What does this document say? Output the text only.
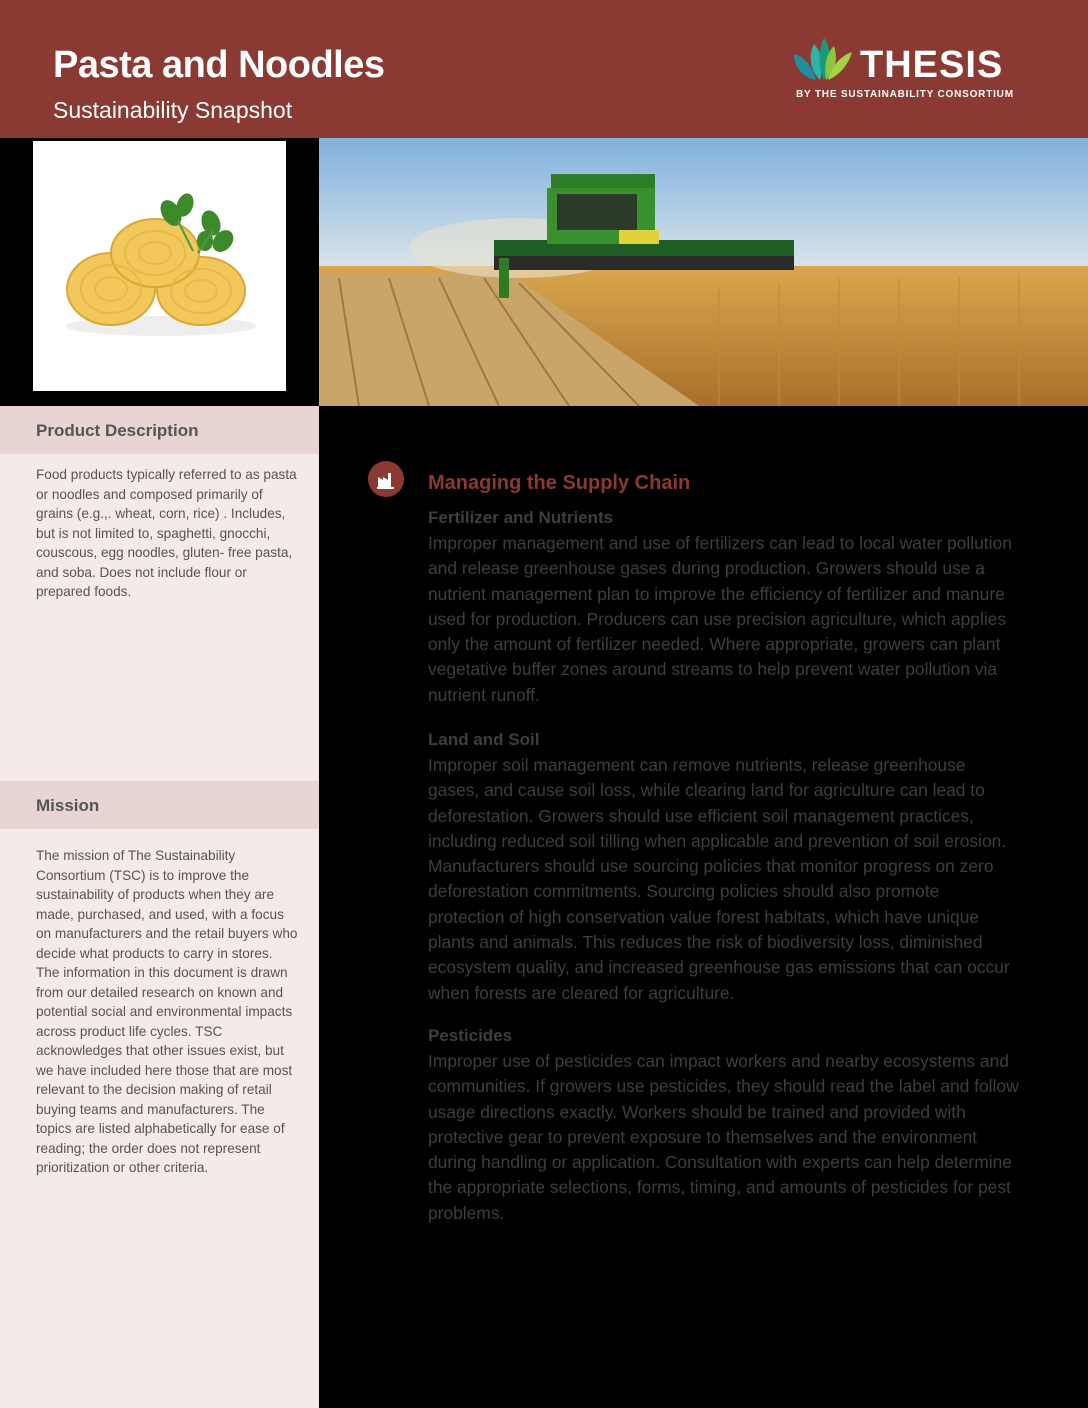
Pasta and Noodles
Sustainability Snapshot
THESIS
BY THE SUSTAINABILITY CONSORTIUM
Product Description
Food products typically referred to as pasta or noodles and composed primarily of grains (e.g.,. wheat, corn, rice) . Includes, but is not limited to, spaghetti, gnocchi, couscous, egg noodles, gluten- free pasta, and soba. Does not include flour or prepared foods.
Mission
The mission of The Sustainability Consortium (TSC) is to improve the sustainability of products when they are made, purchased, and used, with a focus on manufacturers and the retail buyers who decide what products to carry in stores. The information in this document is drawn from our detailed research on known and potential social and environmental impacts across product life cycles. TSC acknowledges that other issues exist, but we have included here those that are most relevant to the decision making of retail buying teams and manufacturers. The topics are listed alphabetically for ease of reading; the order does not represent prioritization or other criteria.
Managing the Supply Chain
Fertilizer and Nutrients
Improper management and use of fertilizers can lead to local water pollution and release greenhouse gases during production. Growers should use a nutrient management plan to improve the efficiency of fertilizer and manure used for production. Producers can use precision agriculture, which applies only the amount of fertilizer needed. Where appropriate, growers can plant vegetative buffer zones around streams to help prevent water pollution via nutrient runoff.
Land and Soil
Improper soil management can remove nutrients, release greenhouse gases, and cause soil loss, while clearing land for agriculture can lead to deforestation. Growers should use efficient soil management practices, including reduced soil tilling when applicable and prevention of soil erosion. Manufacturers should use sourcing policies that monitor progress on zero deforestation commitments. Sourcing policies should also promote protection of high conservation value forest habitats, which have unique plants and animals. This reduces the risk of biodiversity loss, diminished ecosystem quality, and increased greenhouse gas emissions that can occur when forests are cleared for agriculture.
Pesticides
Improper use of pesticides can impact workers and nearby ecosystems and communities. If growers use pesticides, they should read the label and follow usage directions exactly. Workers should be trained and provided with protective gear to prevent exposure to themselves and the environment during handling or application. Consultation with experts can help determine the appropriate selections, forms, timing, and amounts of pesticides for pest problems.
